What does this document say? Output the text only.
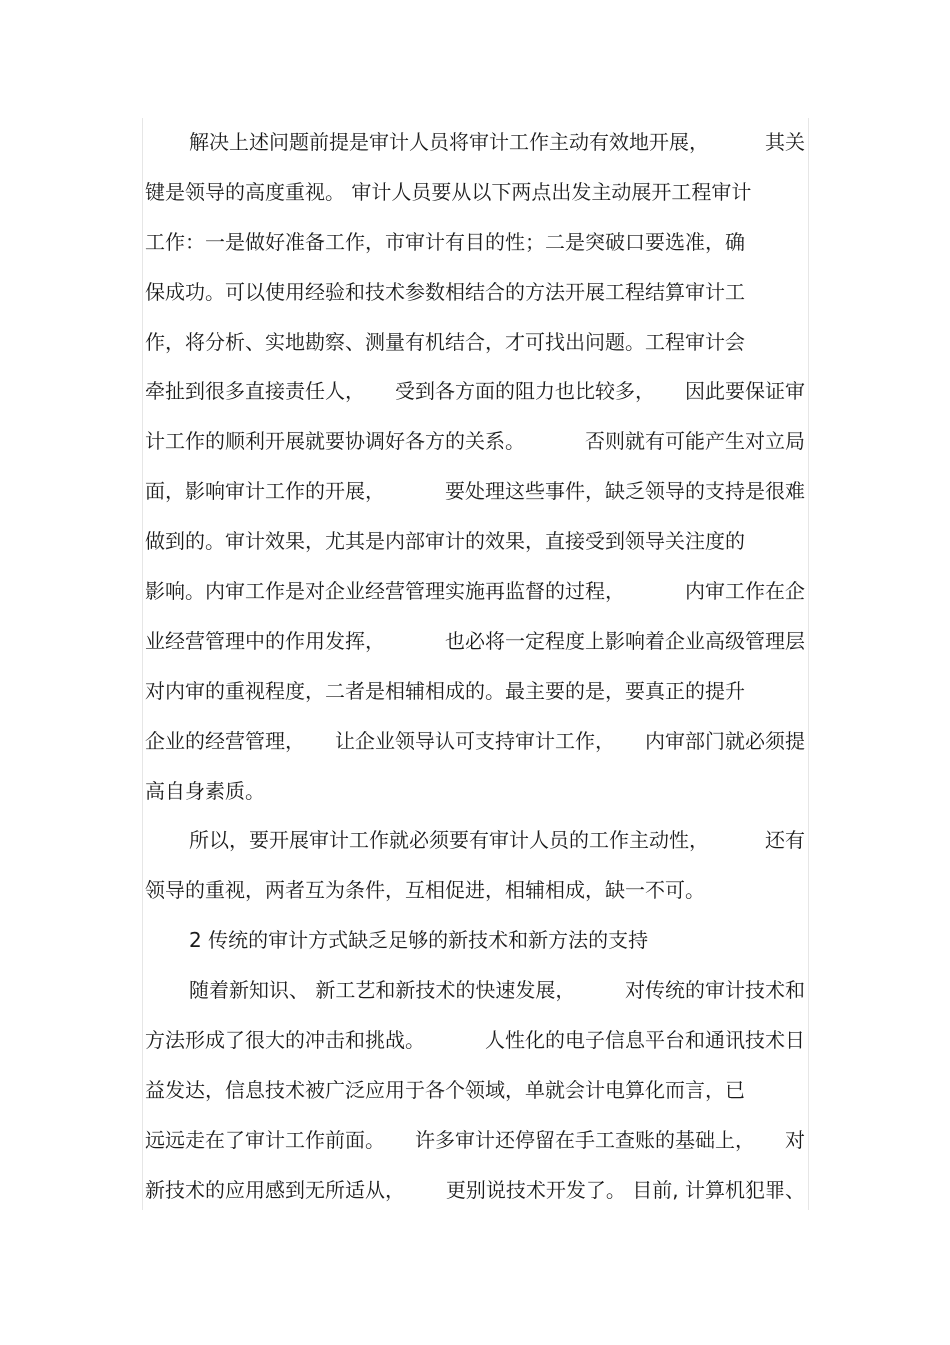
解决上述问题前提是审计人员将审计工作主动有效地开展，	其关
键是领导的高度重视。 审计人员要从以下两点出发主动展开工程审计
工作：一是做好准备工作，市审计有目的性；二是突破口要选准，确
保成功。可以使用经验和技术参数相结合的方法开展工程结算审计工
作，将分析、实地勘察、测量有机结合，才可找出问题。工程审计会
牵扯到很多直接责任人， 受到各方面的阻力也比较多， 因此要保证审
计工作的顺利开展就要协调好各方的关系。	否则就有可能产生对立局
面，影响审计工作的开展，	要处理这些事件，缺乏领导的支持是很难
做到的。审计效果，尤其是内部审计的效果，直接受到领导关注度的
影响。内审工作是对企业经营管理实施再监督的过程，	内审工作在企
业经营管理中的作用发挥，	也必将一定程度上影响着企业高级管理层
对内审的重视程度，二者是相辅相成的。最主要的是，要真正的提升
企业的经营管理， 让企业领导认可支持审计工作， 内审部门就必须提
高自身素质。
所以，要开展审计工作就必须要有审计人员的工作主动性，	还有
领导的重视，两者互为条件，互相促进，相辅相成，缺一不可。
2 传统的审计方式缺乏足够的新技术和新方法的支持
随着新知识、 新工艺和新技术的快速发展， 对传统的审计技术和
方法形成了很大的冲击和挑战。	人性化的电子信息平台和通讯技术日
益发达，信息技术被广泛应用于各个领域，单就会计电算化而言，已
远远走在了审计工作前面。 许多审计还停留在手工查账的基础上， 对
新技术的应用感到无所适从， 更别说技术开发了。 目前, 计算机犯罪、
